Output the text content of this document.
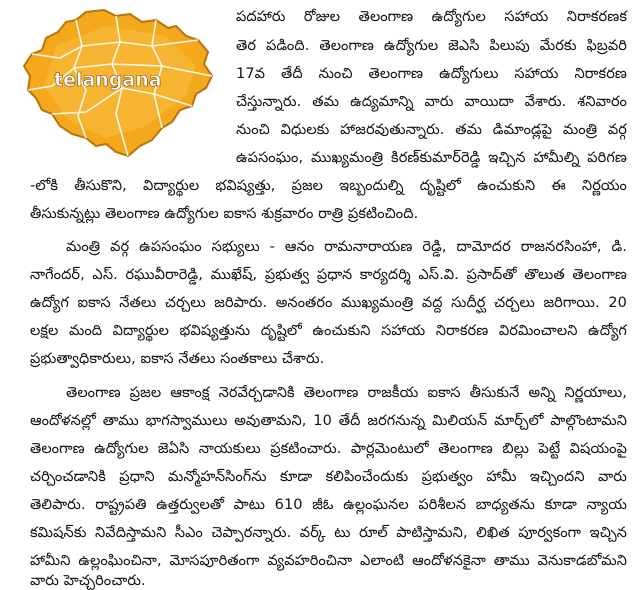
telangana
పదహారు రోజుల తెలంగాణ ఉద్యోగుల సహాయ నిరాకరణక
తెర పడింది. తెలంగాణ ఉద్యోగుల జెఎసి పిలుపు మేరకు ఫిబ్రవరి
17వ తేదీ నుంచి తెలంగాణ ఉద్యోగులు సహాయ నిరాకరణ
చేస్తున్నారు. తమ ఉద్యమాన్ని వారు వాయిదా వేశారు. శనివారం
నుంచి విధులకు హాజరవుతున్నారు. తమ డిమాండ్లపై మంత్రి వర్గ
ఉపసంఘం, ముఖ్యమంత్రి కిరణ్‌కుమార్‌రెడ్డి ఇచ్చిన హామీల్ని పరిగణ
-లోకి తీసుకొని, విద్యార్థుల భవిష్యత్తు, ప్రజల ఇబ్బందుల్ని దృష్టిలో ఉంచుకుని ఈ నిర్ణయం
తీసుకున్నట్లు తెలంగాణ ఉద్యోగుల ఐకాస శుక్రవారం రాత్రి ప్రకటించింది.
మంత్రి వర్గ ఉపసంఘం సభ్యులు - ఆనం రామనారాయణ రెడ్డి, దామోదర రాజనరసింహా, డి.
నాగేందర్, ఎస్. రఘువీరారెడ్డి, ముఖేష్, ప్రభుత్వ ప్రధాన కార్యదర్శి ఎస్.వి. ప్రసాద్‌తో తొలుత తెలంగాణ
ఉద్యోగ ఐకాస నేతలు చర్చలు జరిపారు. అనంతరం ముఖ్యమంత్రి వద్ద సుదీర్ఘ చర్చలు జరిగాయి. 20
లక్షల మంది విద్యార్థుల భవిష్యత్తును దృష్టిలో ఉంచుకుని సహాయ నిరాకరణ విరమించాలని ఉద్యోగ
ప్రభుత్వాధికారులు, ఐకాస నేతలు సంతకాలు చేశారు.
తెలంగాణ ప్రజల ఆకాంక్ష నెరవేర్చడానికి తెలంగాణ రాజకీయ ఐకాస తీసుకునే అన్ని నిర్ణయాలు,
ఆందోళనల్లో తాము భాగస్వాములు అవుతామని, 10 తేదీ జరగనున్న మిలియన్ మార్చ్‌లో పాల్గొంటామని
తెలంగాణ ఉద్యోగుల జెఏసి నాయకులు ప్రకటించారు. పార్లమెంటులో తెలంగాణ బిల్లు పెట్టే విషయంపై
చర్చించడానికి ప్రధాని మన్మోహన్‌సింగ్‌ను కూడా కలిపించేందుకు ప్రభుత్వం హామీ ఇచ్చిందని వారు
తెలిపారు. రాష్ట్రపతి ఉత్తర్వులతో పాటు 610 జీఓ ఉల్లంఘనల పరిశీలన బాధ్యతను కూడా న్యాయ
కమిషన్‌కు నివేదిస్తామని సీఎం చెప్పారన్నారు. వర్క్ టు రూల్ పాటిస్తామని, లిఖిత పూర్వకంగా ఇచ్చిన
హామీని ఉల్లంఘించినా, మోసపూరితంగా వ్యవహరించినా ఎలాంటి ఆందోళనకైనా తాము వెనుకాడబోమని
వారు హెచ్చరించారు.
